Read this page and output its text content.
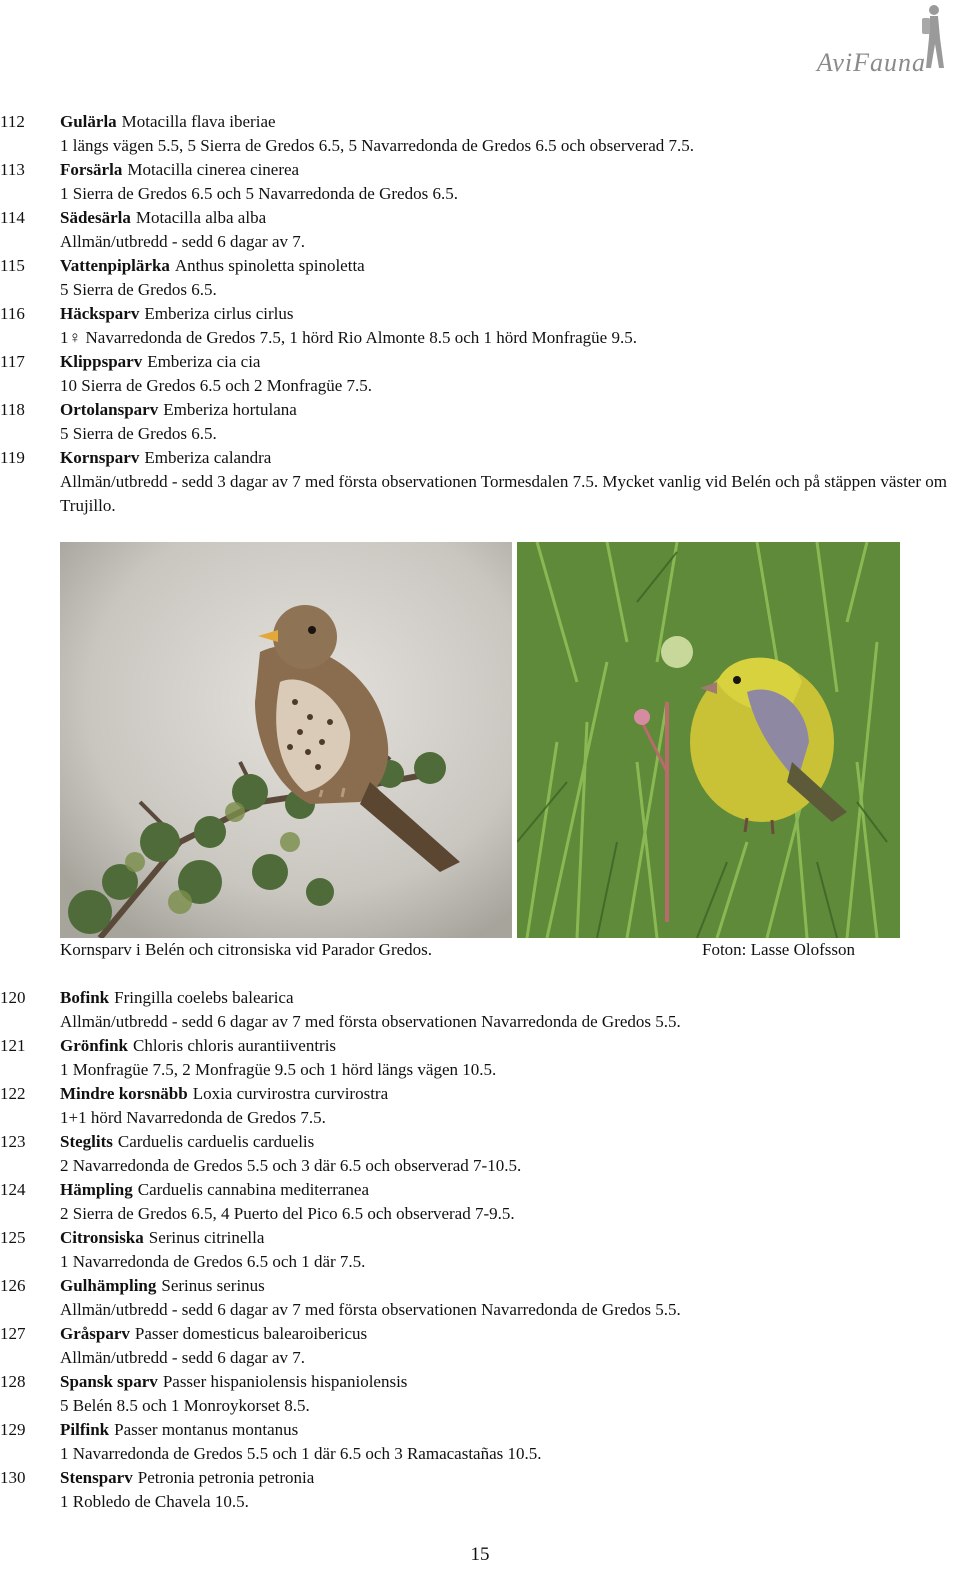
AviFauna
112	Gulärla Motacilla flava iberiae
1 längs vägen 5.5, 5 Sierra de Gredos 6.5, 5 Navarredonda de Gredos 6.5 och observerad 7.5.
113	Forsärla Motacilla cinerea cinerea
1 Sierra de Gredos 6.5 och 5 Navarredonda de Gredos 6.5.
114	Sädesärla Motacilla alba alba
Allmän/utbredd - sedd 6 dagar av 7.
115	Vattenpiplärka Anthus spinoletta spinoletta
5 Sierra de Gredos 6.5.
116	Häcksparv Emberiza cirlus cirlus
1♀ Navarredonda de Gredos 7.5, 1 hörd Rio Almonte 8.5 och 1 hörd Monfragüe 9.5.
117	Klippsparv Emberiza cia cia
10 Sierra de Gredos 6.5 och 2 Monfragüe 7.5.
118	Ortolansparv Emberiza hortulana
5 Sierra de Gredos 6.5.
119	Kornsparv Emberiza calandra
Allmän/utbredd - sedd 3 dagar av 7 med första observationen Tormesdalen 7.5. Mycket vanlig vid Belén och på stäppen väster om Trujillo.
Kornsparv i Belén och citronsiska vid Parador Gredos.	Foton: Lasse Olofsson
120	Bofink Fringilla coelebs balearica
Allmän/utbredd - sedd 6 dagar av 7 med första observationen Navarredonda de Gredos 5.5.
121	Grönfink Chloris chloris aurantiiventris
1 Monfragüe 7.5, 2 Monfragüe 9.5 och 1 hörd längs vägen 10.5.
122	Mindre korsnäbb Loxia curvirostra curvirostra
1+1 hörd Navarredonda de Gredos 7.5.
123	Steglits Carduelis carduelis carduelis
2 Navarredonda de Gredos 5.5 och 3 där 6.5 och observerad 7-10.5.
124	Hämpling Carduelis cannabina mediterranea
2 Sierra de Gredos 6.5, 4 Puerto del Pico 6.5 och observerad 7-9.5.
125	Citronsiska Serinus citrinella
1 Navarredonda de Gredos 6.5 och 1 där 7.5.
126	Gulhämpling Serinus serinus
Allmän/utbredd - sedd 6 dagar av 7 med första observationen Navarredonda de Gredos 5.5.
127	Gråsparv Passer domesticus balearoibericus
Allmän/utbredd - sedd 6 dagar av 7.
128	Spansk sparv Passer hispaniolensis hispaniolensis
5 Belén 8.5 och 1 Monroykorset 8.5.
129	Pilfink Passer montanus montanus
1 Navarredonda de Gredos 5.5 och 1 där 6.5 och 3 Ramacastañas 10.5.
130	Stensparv Petronia petronia petronia
1 Robledo de Chavela 10.5.
15
